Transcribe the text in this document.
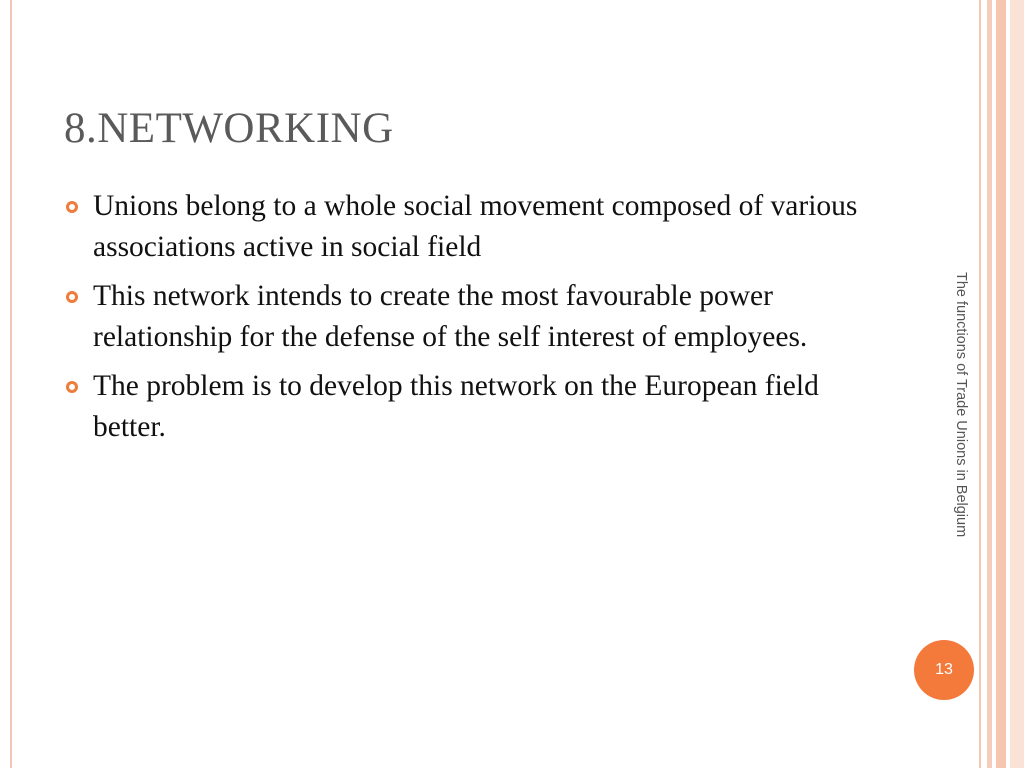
8.NETWORKING
Unions belong to a whole social movement composed of various associations active in social field
This network intends to create the most favourable power relationship for the defense of the self interest of employees.
The problem is to develop this network on the European field better.	The functions of Trade Unions in Belgium
13
